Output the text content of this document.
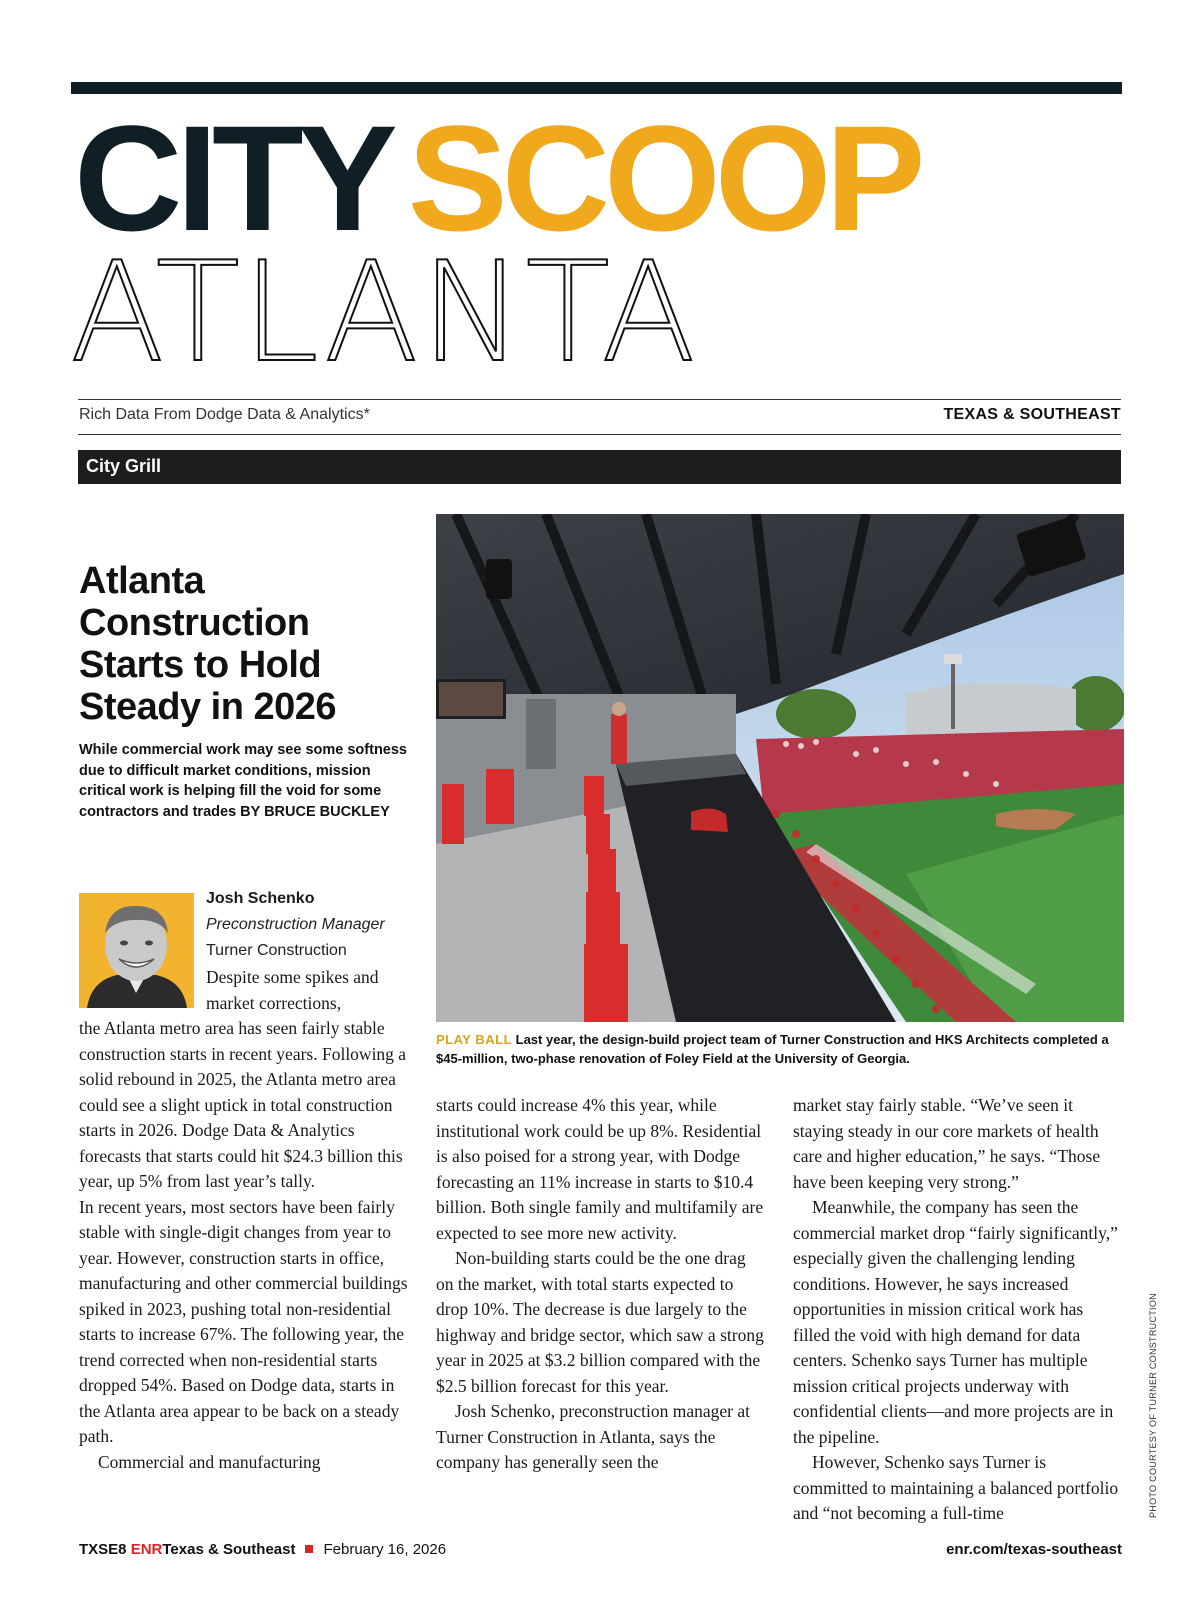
CITY SCOOP
ATLANTA
Rich Data From Dodge Data & Analytics*	TEXAS & SOUTHEAST
City Grill
Atlanta Construction Starts to Hold Steady in 2026
While commercial work may see some softness due to difficult market conditions, mission critical work is helping fill the void for some contractors and trades BY BRUCE BUCKLEY
Josh Schenko
Preconstruction Manager
Turner Construction

Despite some spikes and market corrections,

the Atlanta metro area has seen fairly stable construction starts in recent years. Following a solid rebound in 2025, the Atlanta metro area could see a slight uptick in total construction starts in 2026. Dodge Data & Analytics forecasts that starts could hit $24.3 billion this year, up 5% from last year’s tally.

In recent years, most sectors have been fairly stable with single-digit changes from year to year. However, construction starts in office, manufacturing and other commercial buildings spiked in 2023, pushing total non-residential starts to increase 67%. The following year, the trend corrected when non-residential starts dropped 54%. Based on Dodge data, starts in the Atlanta area appear to be back on a steady path.

Commercial and manufacturing

PLAY BALL Last year, the design-build project team of Turner Construction and HKS Architects completed a $45-million, two-phase renovation of Foley Field at the University of Georgia.
PHOTO COURTESY OF TURNER CONSTRUCTION

starts could increase 4% this year, while institutional work could be up 8%. Residential is also poised for a strong year, with Dodge forecasting an 11% increase in starts to $10.4 billion. Both single family and multifamily are expected to see more new activity.

Non-building starts could be the one drag on the market, with total starts expected to drop 10%. The decrease is due largely to the highway and bridge sector, which saw a strong year in 2025 at $3.2 billion compared with the $2.5 billion forecast for this year.

Josh Schenko, preconstruction manager at Turner Construction in Atlanta, says the company has generally seen the

market stay fairly stable. “We’ve seen it staying steady in our core markets of health care and higher education,” he says. “Those have been keeping very strong.”

Meanwhile, the company has seen the commercial market drop “fairly significantly,” especially given the challenging lending conditions. However, he says increased opportunities in mission critical work has filled the void with high demand for data centers. Schenko says Turner has multiple mission critical projects underway with confidential clients—and more projects are in the pipeline.

However, Schenko says Turner is committed to maintaining a balanced portfolio and “not becoming a full-time

TXSE8 ENRTexas & Southeast February 16, 2026	enr.com/texas-southeast
